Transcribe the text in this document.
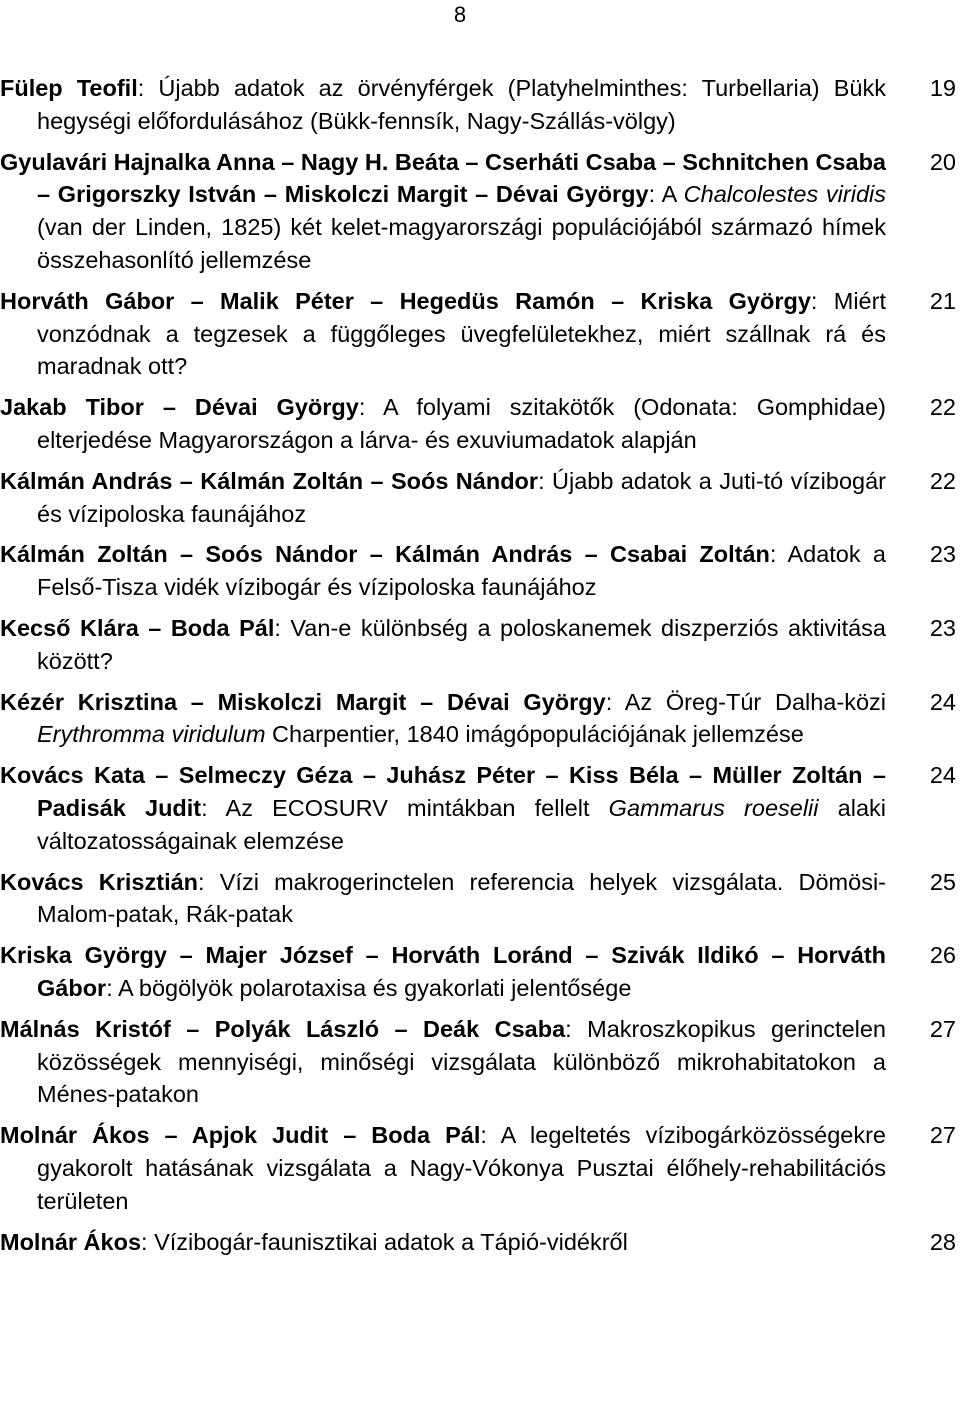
8
Fülep Teofil: Újabb adatok az örvényférgek (Platyhelminthes: Turbellaria) Bükk hegységi előfordulásához (Bükk-fennsík, Nagy-Szállás-völgy)
19
Gyulavári Hajnalka Anna – Nagy H. Beáta – Cserháti Csaba – Schnitchen Csaba – Grigorszky István – Miskolczi Margit – Dévai György: A Chalcolestes viridis (van der Linden, 1825) két kelet-magyarországi populációjából származó hímek összehasonlító jellemzése
20
Horváth Gábor – Malik Péter – Hegedüs Ramón – Kriska György: Miért vonzódnak a tegzesek a függőleges üvegfelületekhez, miért szállnak rá és maradnak ott?
21
Jakab Tibor – Dévai György: A folyami szitakötők (Odonata: Gomphidae) elterjedése Magyarországon a lárva- és exuviumadatok alapján
22
Kálmán András – Kálmán Zoltán – Soós Nándor: Újabb adatok a Juti-tó vízibogár és vízipoloska faunájához
22
Kálmán Zoltán – Soós Nándor – Kálmán András – Csabai Zoltán: Adatok a Felső-Tisza vidék vízibogár és vízipoloska faunájához
23
Kecső Klára – Boda Pál: Van-e különbség a poloskanemek diszperziós aktivitása között?
23
Kézér Krisztina – Miskolczi Margit – Dévai György: Az Öreg-Túr Dalha-közi Erythromma viridulum Charpentier, 1840 imágópopulációjának jellemzése
24
Kovács Kata – Selmeczy Géza – Juhász Péter – Kiss Béla – Müller Zoltán – Padisák Judit: Az ECOSURV mintákban fellelt Gammarus roeselii alaki változatosságainak elemzése
24
Kovács Krisztián: Vízi makrogerinctelen referencia helyek vizsgálata. Dömösi-Malom-patak, Rák-patak
25
Kriska György – Majer József – Horváth Loránd – Szivák Ildikó – Horváth Gábor: A bögölyök polarotaxisa és gyakorlati jelentősége
26
Málnás Kristóf – Polyák László – Deák Csaba: Makroszkopikus gerinctelen közösségek mennyiségi, minőségi vizsgálata különböző mikrohabitatokon a Ménes-patakon
27
Molnár Ákos – Apjok Judit – Boda Pál: A legeltetés vízibogárközösségekre gyakorolt hatásának vizsgálata a Nagy-Vókonya Pusztai élőhely-rehabilitációs területen
27
Molnár Ákos: Vízibogár-faunisztikai adatok a Tápió-vidékről	28
